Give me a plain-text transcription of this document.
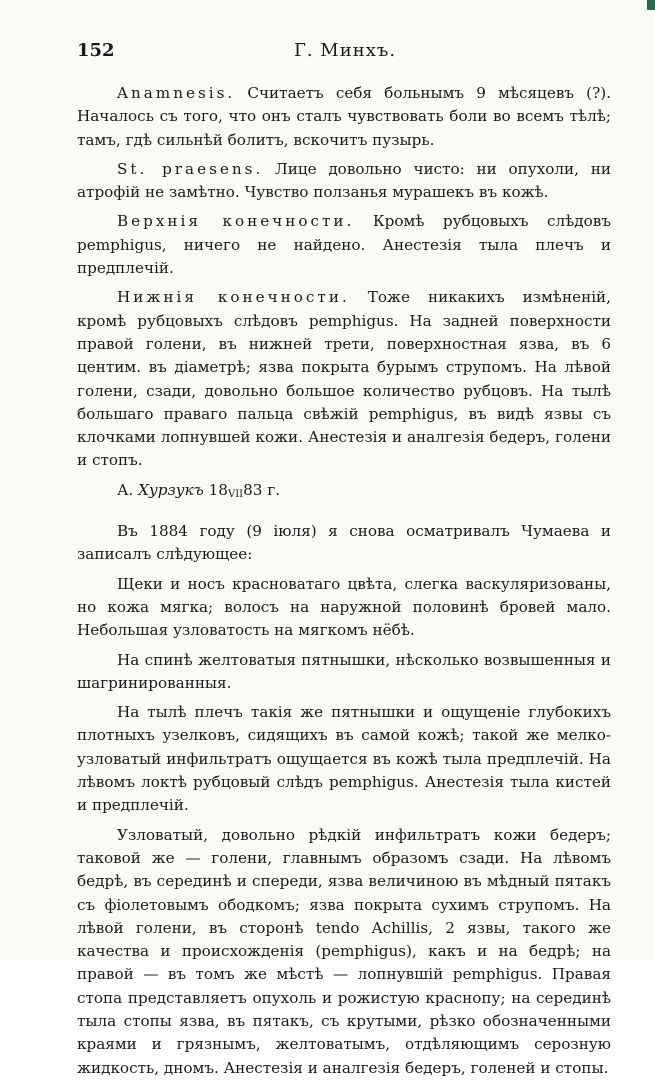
152	Г. Минхъ.

Anamnesis. Считаетъ себя больнымъ 9 мѣсяцевъ (?). Началось съ того, что онъ сталъ чувствовать боли во всемъ тѣлѣ; тамъ, гдѣ сильнѣй болитъ, вскочитъ пузырь.

St. praesens. Лице довольно чисто: ни опухоли, ни атрофій не замѣтно. Чувство ползанья мурашекъ въ кожѣ.

Верхнія конечности. Кромѣ рубцовыхъ слѣдовъ pemphigus, ничего не найдено. Анестезія тыла плечъ и предплечій.

Нижнія конечности. Тоже никакихъ измѣненій, кромѣ рубцовыхъ слѣдовъ pemphigus. На задней поверхности правой голени, въ нижней трети, поверхностная язва, въ 6 центим. въ діаметрѣ; язва покрыта бурымъ струпомъ. На лѣвой голени, сзади, довольно большое количество рубцовъ. На тылѣ большаго праваго пальца свѣжій pemphigus, въ видѣ язвы съ клочками лопнувшей кожи. Анестезія и аналгезія бедеръ, голени и стопъ.

А. Хурзукъ $18_{VII}83$ г.

Въ 1884 году (9 іюля) я снова осматривалъ Чумаева и записалъ слѣдующее:

Щеки и носъ красноватаго цвѣта, слегка васкуляризованы, но кожа мягка; волосъ на наружной половинѣ бровей мало. Небольшая узловатость на мягкомъ нёбѣ.

На спинѣ желтоватыя пятнышки, нѣсколько возвышенныя и шагринированныя.

На тылѣ плечъ такія же пятнышки и ощущеніе глубокихъ плотныхъ узелковъ, сидящихъ въ самой кожѣ; такой же мелко-узловатый инфильтратъ ощущается въ кожѣ тыла предплечій. На лѣвомъ локтѣ рубцовый слѣдъ pemphigus. Анестезія тыла кистей и предплечій.

Узловатый, довольно рѣдкій инфильтратъ кожи бедеръ; таковой же — голени, главнымъ образомъ сзади. На лѣвомъ бедрѣ, въ серединѣ и спереди, язва величиною въ мѣдный пятакъ съ фіолетовымъ ободкомъ; язва покрыта сухимъ струпомъ. На лѣвой голени, въ сторонѣ tendo Achillis, 2 язвы, такого же качества и происхожденія (pemphigus), какъ и на бедрѣ; на правой — въ томъ же мѣстѣ — лопнувшій pemphigus. Правая стопа представляетъ опухоль и рожистую краснопу; на серединѣ тыла стопы язва, въ пятакъ, съ крутыми, рѣзко обозначенными краями и грязнымъ, желтоватымъ, отдѣляющимъ серозную жидкость, дномъ. Анестезія и аналгезія бедеръ, голеней и стопы.
